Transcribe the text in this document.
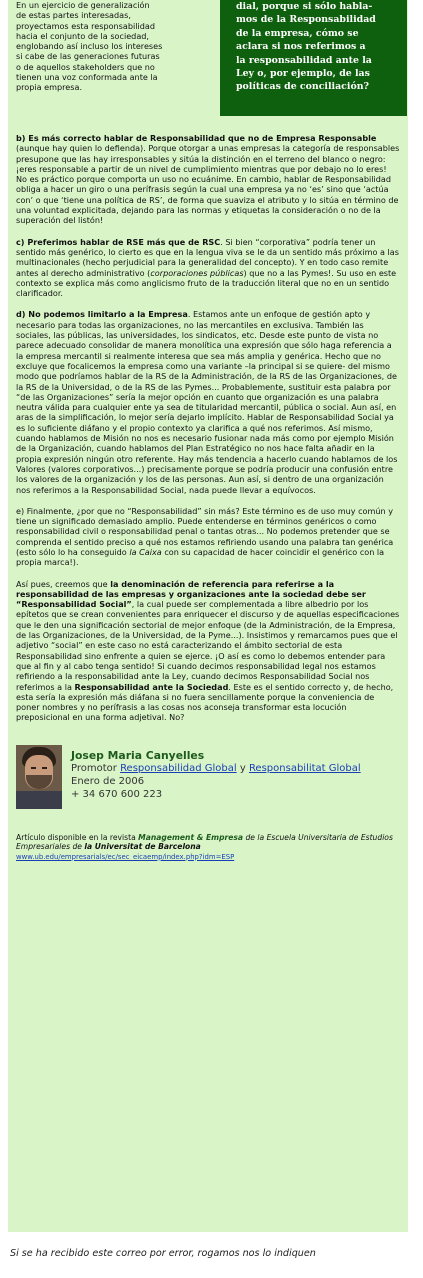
En un ejercicio de generalización
de estas partes interesadas,
proyectamos esta responsabilidad
hacia el conjunto de la sociedad,
englobando así incluso los intereses
si cabe de las generaciones futuras
o de aquellos stakeholders que no
tienen una voz conformada ante la
propia empresa.
dial, porque si sólo habla-
mos de la Responsabilidad
de la empresa, cómo se
aclara si nos referimos a
la responsabilidad ante la
Ley o, por ejemplo, de las
políticas de conciliación?

b) Es más correcto hablar de Responsabilidad que no de Empresa Responsable (aunque hay quien lo defienda). Porque otorgar a unas empresas la categoría de responsables presupone que las hay irresponsables y sitúa la distinción en el terreno del blanco o negro: ¡eres responsable a partir de un nivel de cumplimiento mientras que por debajo no lo eres! No es práctico porque comporta un uso no ecuánime. En cambio, hablar de Responsabilidad obliga a hacer un giro o una perífrasis según la cual una empresa ya no ‘es’ sino que ‘actúa con’ o que ‘tiene una política de RS’, de forma que suaviza el atributo y lo sitúa en término de una voluntad explicitada, dejando para las normas y etiquetas la consideración o no de la superación del listón!

c) Preferimos hablar de RSE más que de RSC. Si bien “corporativa” podría tener un sentido más genérico, lo cierto es que en la lengua viva se le da un sentido más próximo a las multinacionales (hecho perjudicial para la generalidad del concepto). Y en todo caso remite antes al derecho administrativo (corporaciones públicas) que no a las Pymes!. Su uso en este contexto se explica más como anglicismo fruto de la traducción literal que no en un sentido clarificador.

d) No podemos limitarlo a la Empresa. Estamos ante un enfoque de gestión apto y necesario para todas las organizaciones, no las mercantiles en exclusiva. También las sociales, las públicas, las universidades, los sindicatos, etc. Desde este punto de vista no parece adecuado consolidar de manera monolítica una expresión que sólo haga referencia a la empresa mercantil si realmente interesa que sea más amplia y genérica. Hecho que no excluye que focalicemos la empresa como una variante –la principal si se quiere- del mismo modo que podríamos hablar de la RS de la Administración, de la RS de las Organizaciones, de la RS de la Universidad, o de la RS de las Pymes... Probablemente, sustituir esta palabra por “de las Organizaciones” sería la mejor opción en cuanto que organización es una palabra neutra válida para cualquier ente ya sea de titularidad mercantil, pública o social. Aun así, en aras de la simplificación, lo mejor sería dejarlo implícito. Hablar de Responsabilidad Social ya es lo suficiente diáfano y el propio contexto ya clarifica a qué nos referimos. Así mismo, cuando hablamos de Misión no nos es necesario fusionar nada más como por ejemplo Misión de la Organización, cuando hablamos del Plan Estratégico no nos hace falta añadir en la propia expresión ningún otro referente. Hay más tendencia a hacerlo cuando hablamos de los Valores (valores corporativos...) precisamente porque se podría producir una confusión entre los valores de la organización y los de las personas. Aun así, si dentro de una organización nos referimos a la Responsabilidad Social, nada puede llevar a equívocos.

e) Finalmente, ¿por que no “Responsabilidad” sin más? Este término es de uso muy común y tiene un significado demasiado amplio. Puede entenderse en términos genéricos o como responsabilidad civil o responsabilidad penal o tantas otras... No podemos pretender que se comprenda el sentido preciso a qué nos estamos refiriendo usando una palabra tan genérica (esto sólo lo ha conseguido la Caixa con su capacidad de hacer coincidir el genérico con la propia marca!).

Así pues, creemos que la denominación de referencia para referirse a la responsabilidad de las empresas y organizaciones ante la sociedad debe ser “Responsabilidad Social”, la cual puede ser complementada a libre albedrio por los epítetos que se crean convenientes para enriquecer el discurso y de aquellas especificaciones que le den una significación sectorial de mejor enfoque (de la Administración, de la Empresa, de las Organizaciones, de la Universidad, de la Pyme...). Insistimos y remarcamos pues que el adjetivo “social” en este caso no está caracterizando el ámbito sectorial de esta Responsabilidad sino enfrente a quien se ejerce. ¡O así es como lo debemos entender para que al fin y al cabo tenga sentido! Si cuando decimos responsabilidad legal nos estamos refiriendo a la responsabilidad ante la Ley, cuando decimos Responsabilidad Social nos referimos a la Responsabilidad ante la Sociedad. Este es el sentido correcto y, de hecho, esta sería la expresión más diáfana si no fuera sencillamente porque la conveniencia de poner nombres y no perífrasis a las cosas nos aconseja transformar esta locución preposicional en una forma adjetival. No?

Josep Maria Canyelles
Promotor Responsabilidad Global y Responsabilitat Global
Enero de 2006
+ 34 670 600 223
Artículo disponible en la revista Management & Empresa de la Escuela Universitaria de Estudios Empresariales de la Universitat de Barcelona
www.ub.edu/empresarials/ec/sec_eicaemp/index.php?idm=ESP
Si se ha recibido este correo por error, rogamos nos lo indiquen
